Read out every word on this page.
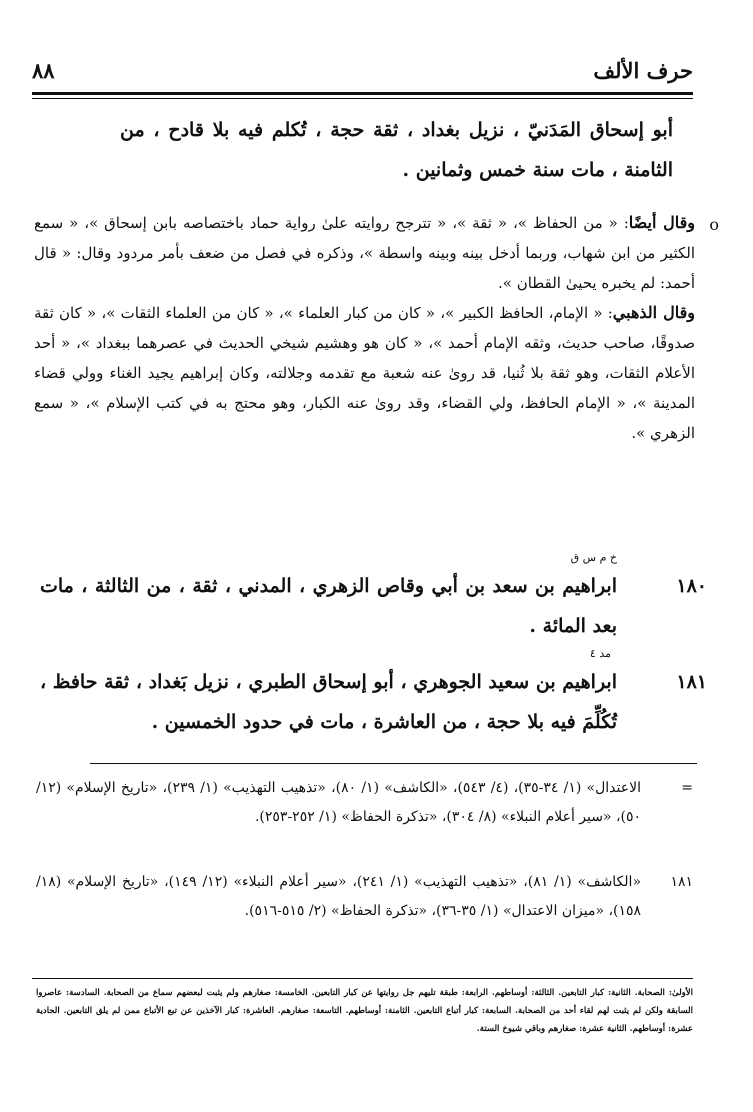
حرف الألف
٨٨
أبو إسحاق المَدَنيّ ، نزيل بغداد ، ثقة حجة ، تُكلم فيه بلا قادح ، من الثامنة ، مات سنة خمس وثمانين .
o
وقال أيضًا: « من الحفاظ »، « ثقة »، « تترجح روايته علىٰ رواية حماد باختصاصه بابن إسحاق »، « سمع الكثير من ابن شهاب، وربما أدخل بينه وبينه واسطة »، وذكره في فصل من ضعف بأمر مردود وقال: « قال أحمد: لم يخبره يحيىٰ القطان ».
وقال الذهبي: « الإمام، الحافظ الكبير »، « كان من كبار العلماء »، « كان من العلماء الثقات »، « كان ثقة صدوقًا، صاحب حديث، وثقه الإمام أحمد »، « كان هو وهشيم شيخي الحديث في عصرهما ببغداد »، « أحد الأعلام الثقات، وهو ثقة بلا ثُنيا، قد روىٰ عنه شعبة مع تقدمه وجلالته، وكان إبراهيم يجيد الغناء وولي قضاء المدينة »، « الإمام الحافظ، ولي القضاء، وقد روىٰ عنه الكبار، وهو محتج به في كتب الإسلام »، « سمع الزهري ».
١٨٠
خ م س ق
ابراهيم بن سعد بن أبي وقاص الزهري ، المدني ، ثقة ، من الثالثة ، مات بعد المائة .
١٨١
مد ٤
ابراهيم بن سعيد الجوهري ، أبو إسحاق الطبري ، نزيل بَغداد ، ثقة حافظ ، تُكُلِّمَ فيه بلا حجة ، من العاشرة ، مات في حدود الخمسين .
=
الاعتدال» (١/ ٣٤-٣٥)، (٤/ ٥٤٣)، «الكاشف» (١/ ٨٠)، «تذهيب التهذيب» (١/ ٢٣٩)، «تاريخ الإسلام» (١٢/ ٥٠)، «سير أعلام النبلاء» (٨/ ٣٠٤)، «تذكرة الحفاظ» (١/ ٢٥٢-٢٥٣).
١٨١
«الكاشف» (١/ ٨١)، «تذهيب التهذيب» (١/ ٢٤١)، «سير أعلام النبلاء» (١٢/ ١٤٩)، «تاريخ الإسلام» (١٨/ ١٥٨)، «ميزان الاعتدال» (١/ ٣٥-٣٦)، «تذكرة الحفاظ» (٢/ ٥١٥-٥١٦).
الأولىٰ: الصحابة. الثانية: كبار التابعين. الثالثة: أوساطهم. الرابعة: طبقة تليهم جل روايتها عن كبار التابعين. الخامسة: صغارهم ولم يثبت لبعضهم سماع من الصحابة. السادسة: عاصروا السابقة ولكن لم يثبت لهم لقاء أحد من الصحابة. السابعة: كبار أتباع التابعين. الثامنة: أوساطهم. التاسعة: صغارهم. العاشرة: كبار الآخذين عن تبع الأتباع ممن لم يلق التابعين. الحادية عشرة: أوساطهم. الثانية عشرة: صغارهم وباقي شيوخ الستة.
